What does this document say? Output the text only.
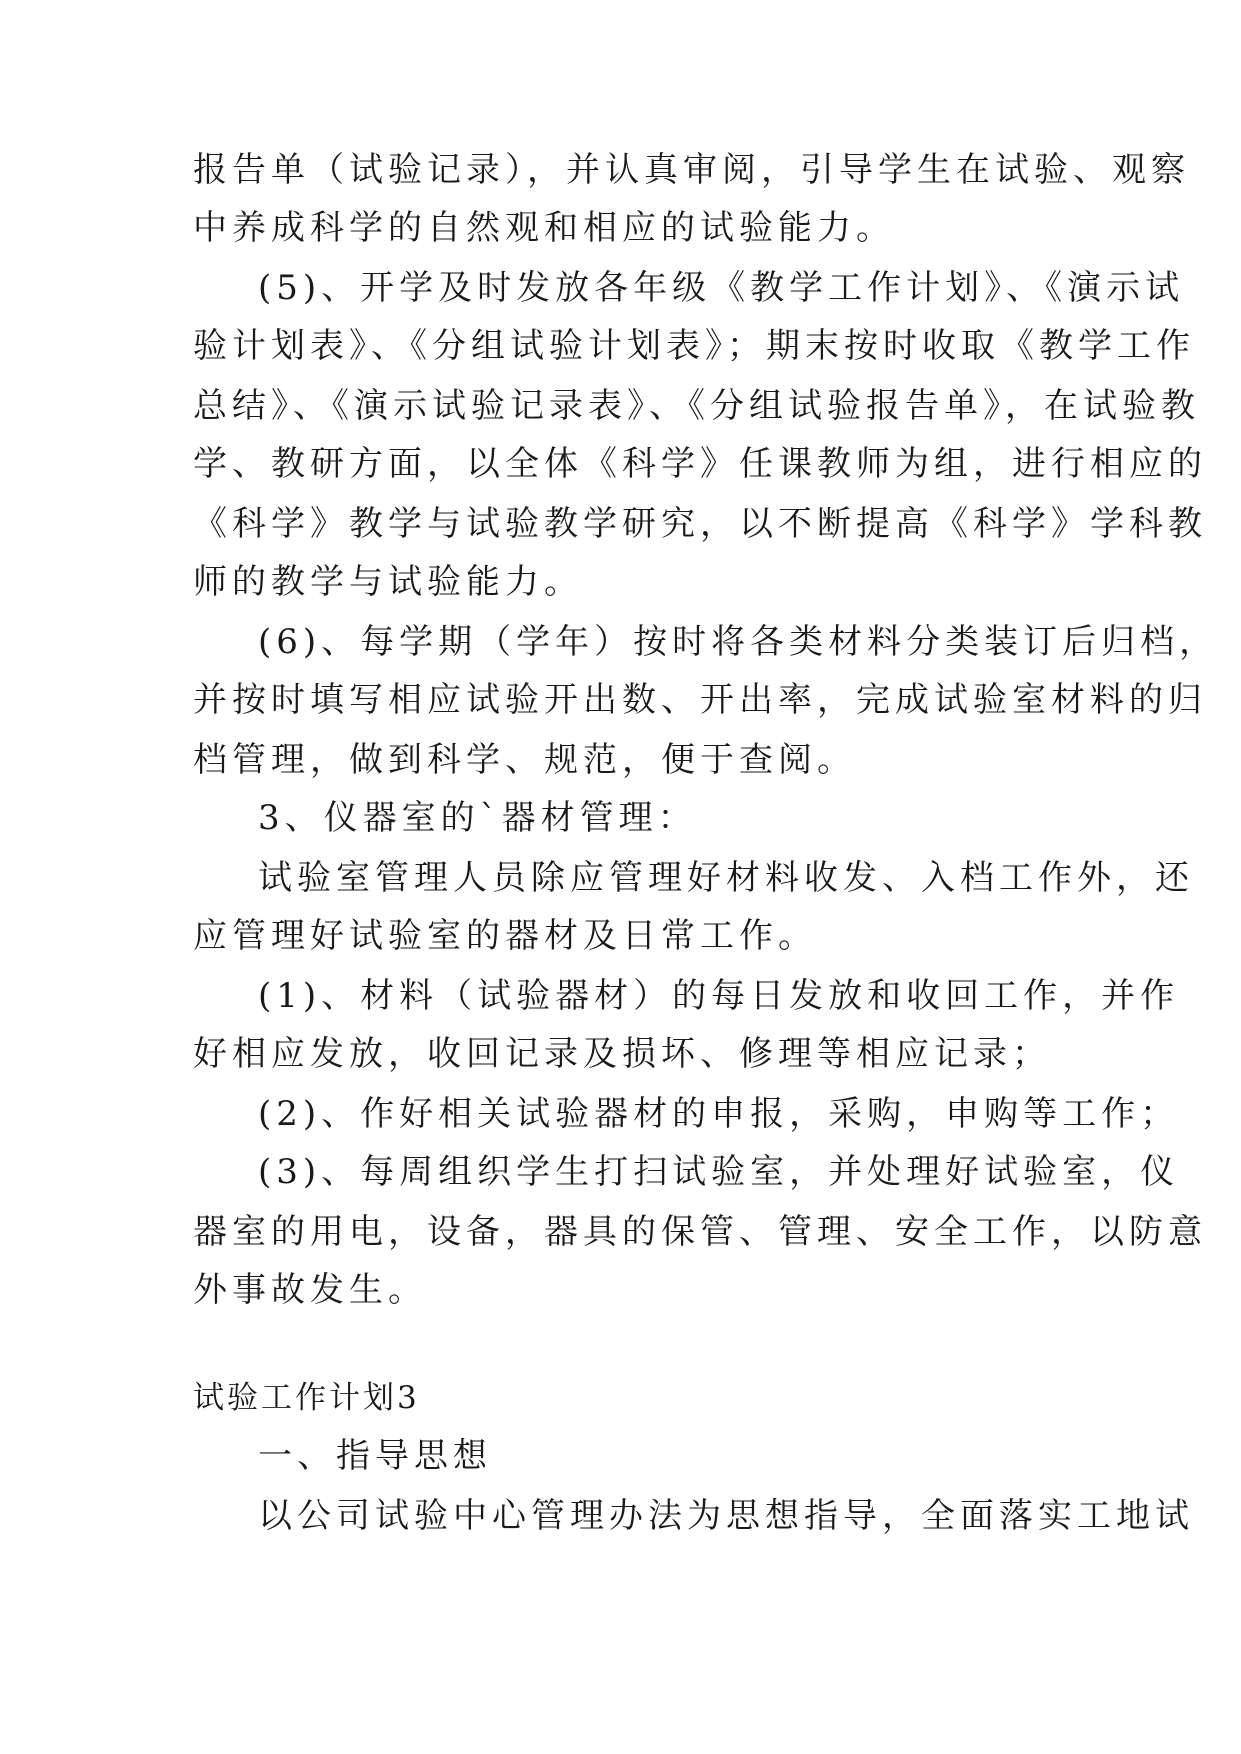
报告单（试验记录），并认真审阅，引导学生在试验、观察
中养成科学的自然观和相应的试验能力。
(5)、开学及时发放各年级《教学工作计划》、《演示试
验计划表》、《分组试验计划表》；期末按时收取《教学工作
总结》、《演示试验记录表》、《分组试验报告单》，在试验教
学、教研方面，以全体《科学》任课教师为组，进行相应的
《科学》教学与试验教学研究，以不断提高《科学》学科教
师的教学与试验能力。
(6)、每学期（学年）按时将各类材料分类装订后归档，
并按时填写相应试验开出数、开出率，完成试验室材料的归
档管理，做到科学、规范，便于查阅。
3、仪器室的`器材管理：
试验室管理人员除应管理好材料收发、入档工作外，还
应管理好试验室的器材及日常工作。
(1)、材料（试验器材）的每日发放和收回工作，并作
好相应发放，收回记录及损坏、修理等相应记录；
(2)、作好相关试验器材的申报，采购，申购等工作；
(3)、每周组织学生打扫试验室，并处理好试验室，仪
器室的用电，设备，器具的保管、管理、安全工作，以防意
外事故发生。
试验工作计划3
一、指导思想
以公司试验中心管理办法为思想指导，全面落实工地试
